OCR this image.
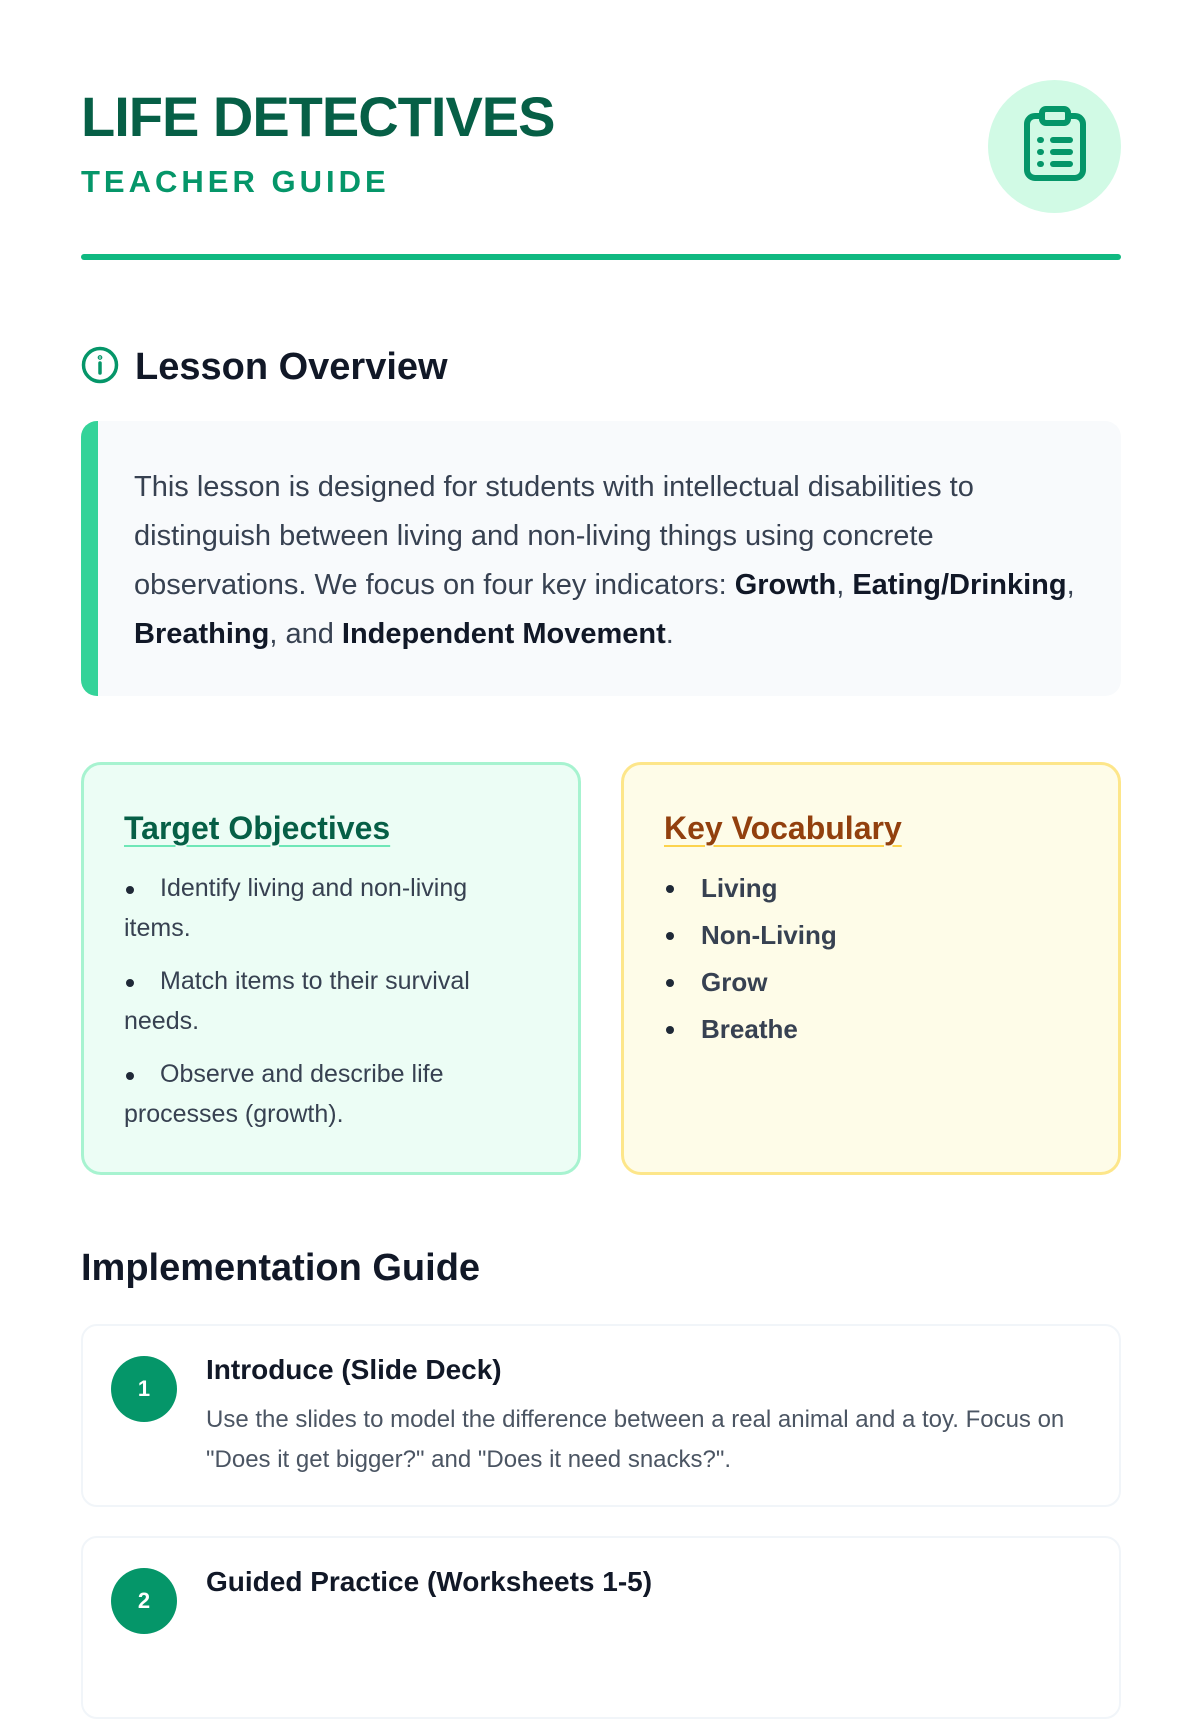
LIFE DETECTIVES
TEACHER GUIDE
Lesson Overview

This lesson is designed for students with intellectual disabilities to distinguish between living and non-living things using concrete observations. We focus on four key indicators: Growth, Eating/Drinking, Breathing, and Independent Movement.

Target Objectives
Identify living and non-living items.
Match items to their survival needs.
Observe and describe life processes (growth).
Key Vocabulary
Living
Non-Living
Grow
Breathe
Implementation Guide
1
Introduce (Slide Deck)

Use the slides to model the difference between a real animal and a toy. Focus on "Does it get bigger?" and "Does it need snacks?".

2
Guided Practice (Worksheets 1-5)
